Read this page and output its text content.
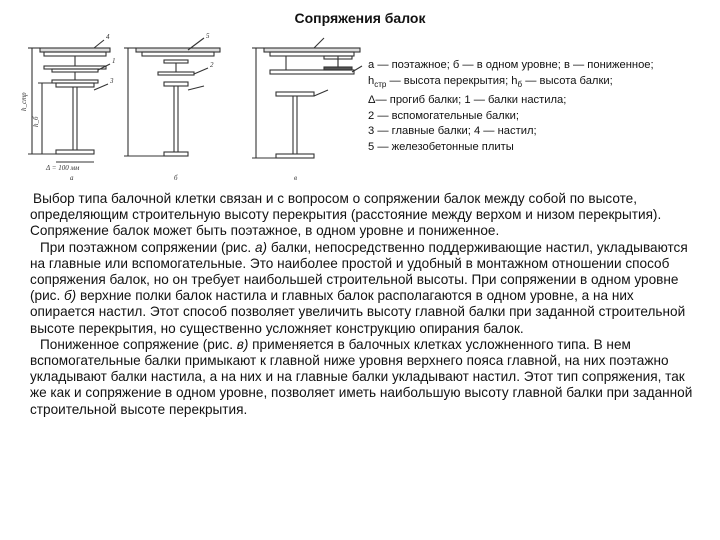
Сопряжения балок
h_стр
h_б
Δ = 100 мм
а	б	в
4
1
3
5
2	а — поэтажное; б — в одном уровне; в — пониженное;
$h_{стр}$ — высота перекрытия; $h_б$ — высота балки;
Δ— прогиб балки; 1 — балки настила;
2 — вспомогательные балки;
3 — главные балки; 4 — настил;
5 — железобетонные плиты

Выбор типа балочной клетки связан и с вопросом о сопряжении балок между собой по высоте, определяющим строительную высоту перекрытия (расстояние между верхом и низом перекрытия). Сопряжение балок может быть поэтажное, в одном уровне и пониженное.

При поэтажном сопряжении (рис. а) балки, непосредственно поддерживающие настил, укладываются на главные или вспомогательные. Это наиболее простой и удобный в монтажном отношении способ сопряжения балок, но он требует наибольшей строительной высоты. При сопряжении в одном уровне (рис. б) верхние полки балок настила и главных балок располагаются в одном уровне, а на них опирается настил. Этот способ позволяет увеличить высоту главной балки при заданной строительной высоте перекрытия, но существенно усложняет конструкцию опирания балок.

Пониженное сопряжение (рис. в) применяется в балочных клетках усложненного типа. В нем вспомогательные балки примыкают к главной ниже уровня верхнего пояса главной, на них поэтажно укладывают балки настила, а на них и на главные балки укладывают настил. Этот тип сопряжения, так же как и сопряжение в одном уровне, позволяет иметь наибольшую высоту главной балки при заданной строительной высоте перекрытия.
